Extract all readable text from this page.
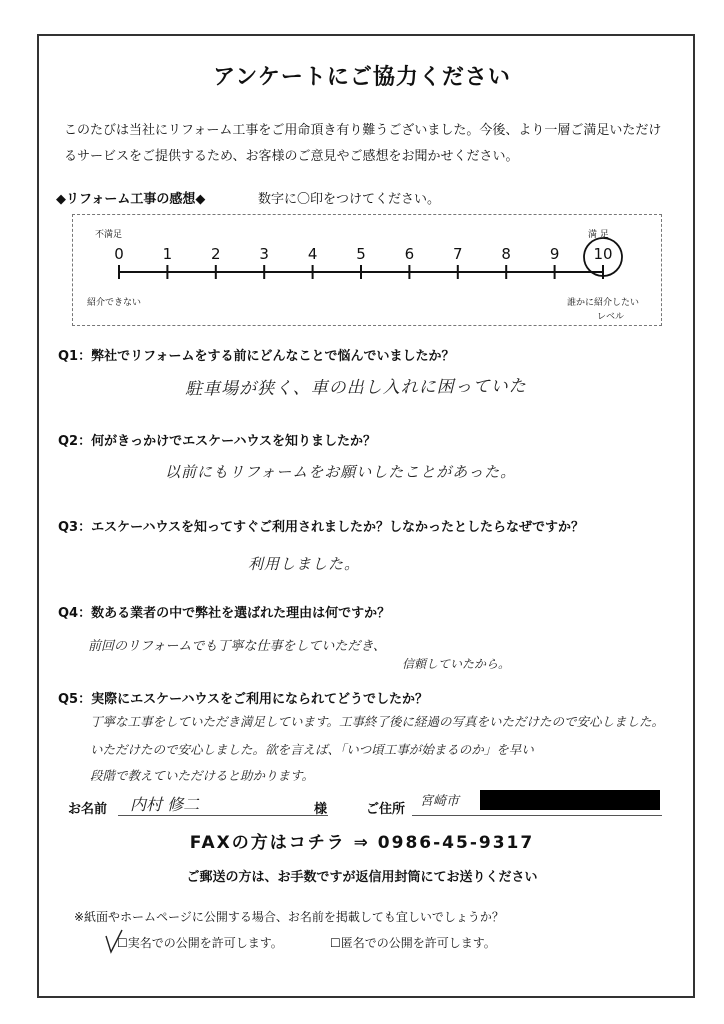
アンケートにご協力ください
このたびは当社にリフォーム工事をご用命頂き有り難うございました。今後、より一層ご満足いただけるサービスをご提供するため、お客様のご意見やご感想をお聞かせください。
◆リフォーム工事の感想◆	数字に〇印をつけてください。
不満足	満 足
0	1	2	3	4	5	6	7	8	9	10
紹介できない	誰かに紹介したい
レベル
Q1：弊社でリフォームをする前にどんなことで悩んでいましたか？
駐車場が狭く、車の出し入れに困っていた
Q2：何がきっかけでエスケーハウスを知りましたか？
以前にもリフォームをお願いしたことがあった。
Q3：エスケーハウスを知ってすぐご利用されましたか？しなかったとしたらなぜですか？
利用しました。
Q4：数ある業者の中で弊社を選ばれた理由は何ですか？
前回のリフォームでも丁寧な仕事をしていただき、
信頼していたから。
Q5：実際にエスケーハウスをご利用になられてどうでしたか？
丁寧な工事をしていただき満足しています。工事終了後に経過の写真をいただけたので安心しました。
いただけたので安心しました。欲を言えば、「いつ頃工事が始まるのか」を早い
段階で教えていただけると助かります。
お名前 内村 修二	様	ご住所
宮崎市
FAXの方はコチラ ⇒ 0986-45-9317
ご郵送の方は、お手数ですが返信用封筒にてお送りください
※紙面やホームページに公開する場合、お名前を掲載しても宜しいでしょうか？
☐実名での公開を許可します。	☐匿名での公開を許可します。
